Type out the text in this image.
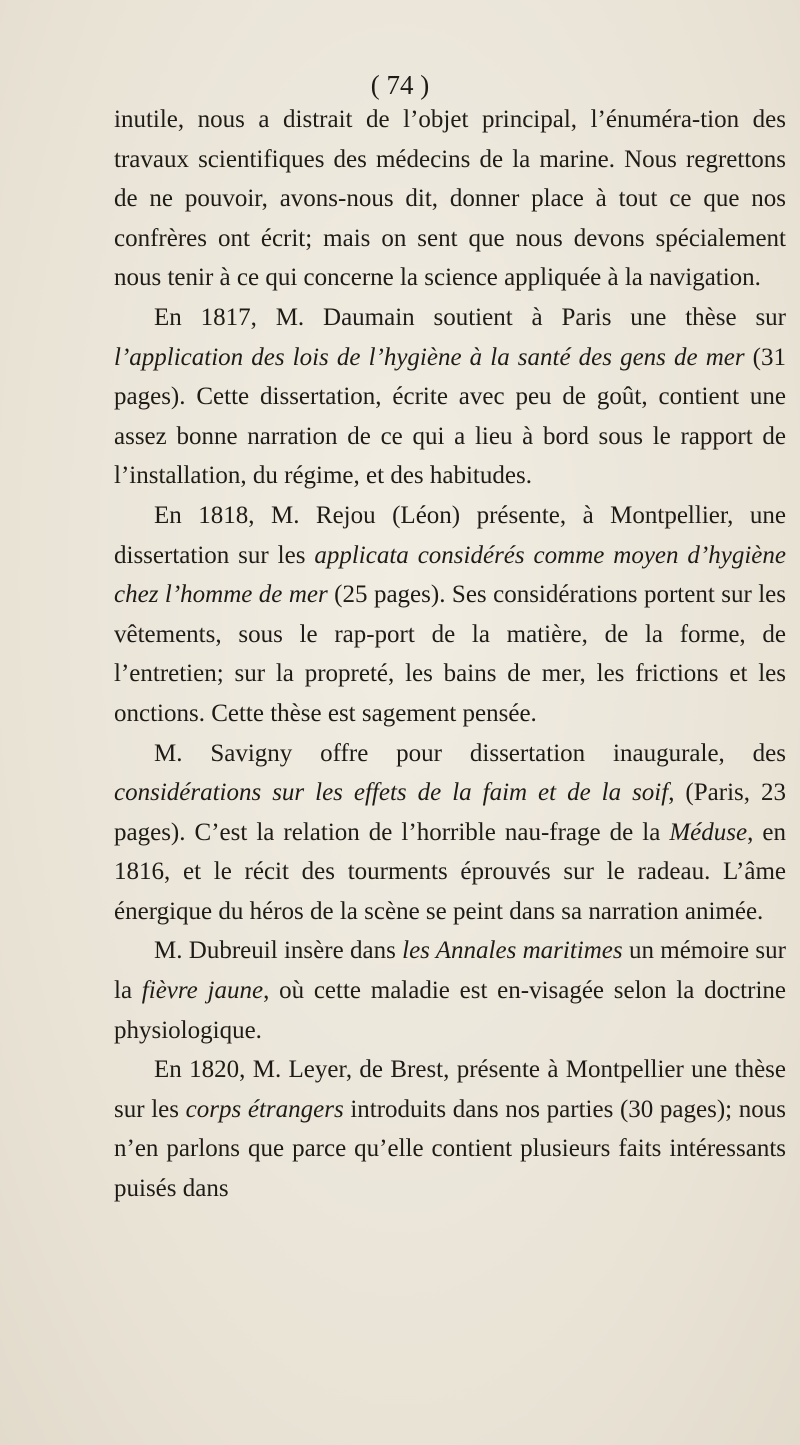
( 74 )

inutile, nous a distrait de l’objet principal, l’énuméra-tion des travaux scientifiques des médecins de la marine. Nous regrettons de ne pouvoir, avons-nous dit, donner place à tout ce que nos confrères ont écrit; mais on sent que nous devons spécialement nous tenir à ce qui concerne la science appliquée à la navigation.

En 1817, M. Daumain soutient à Paris une thèse sur l’application des lois de l’hygiène à la santé des gens de mer (31 pages). Cette dissertation, écrite avec peu de goût, contient une assez bonne narration de ce qui a lieu à bord sous le rapport de l’installation, du régime, et des habitudes.

En 1818, M. Rejou (Léon) présente, à Montpellier, une dissertation sur les applicata considérés comme moyen d’hygiène chez l’homme de mer (25 pages). Ses considérations portent sur les vêtements, sous le rap-port de la matière, de la forme, de l’entretien; sur la propreté, les bains de mer, les frictions et les onctions. Cette thèse est sagement pensée.

M. Savigny offre pour dissertation inaugurale, des considérations sur les effets de la faim et de la soif, (Paris, 23 pages). C’est la relation de l’horrible nau-frage de la Méduse, en 1816, et le récit des tourments éprouvés sur le radeau. L’âme énergique du héros de la scène se peint dans sa narration animée.

M. Dubreuil insère dans les Annales maritimes un mémoire sur la fièvre jaune, où cette maladie est en-visagée selon la doctrine physiologique.

En 1820, M. Leyer, de Brest, présente à Montpellier une thèse sur les corps étrangers introduits dans nos parties (30 pages); nous n’en parlons que parce qu’elle contient plusieurs faits intéressants puisés dans
